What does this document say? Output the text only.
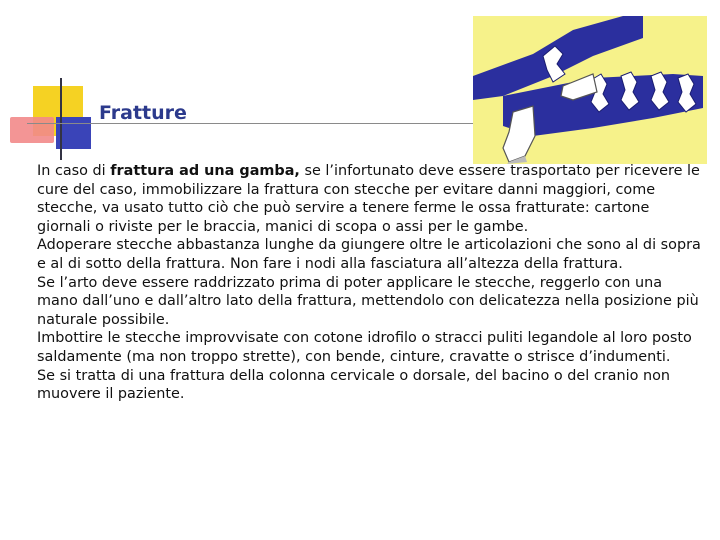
Fratture

In caso di frattura ad una gamba, se l’infortunato deve essere trasportato per ricevere le cure del caso, immobilizzare la frattura con stecche per evitare danni maggiori, come stecche, va usato tutto ciò che può servire a tenere ferme le ossa fratturate: cartone giornali o riviste per le braccia, manici di scopa o assi per le gambe.

Adoperare stecche abbastanza lunghe da giungere oltre le articolazioni che sono al di sopra e al di sotto della frattura. Non fare i nodi alla fasciatura all’altezza della frattura.

Se l’arto deve essere raddrizzato prima di poter applicare le stecche, reggerlo con una mano dall’uno e dall’altro lato della frattura, mettendolo con delicatezza nella posizione più naturale possibile.

Imbottire le stecche improvvisate con cotone idrofilo o stracci puliti legandole al loro posto saldamente (ma non troppo strette), con bende, cinture, cravatte o strisce d’indumenti.

Se si tratta di una frattura della colonna cervicale o dorsale, del bacino o del cranio non muovere il paziente.
